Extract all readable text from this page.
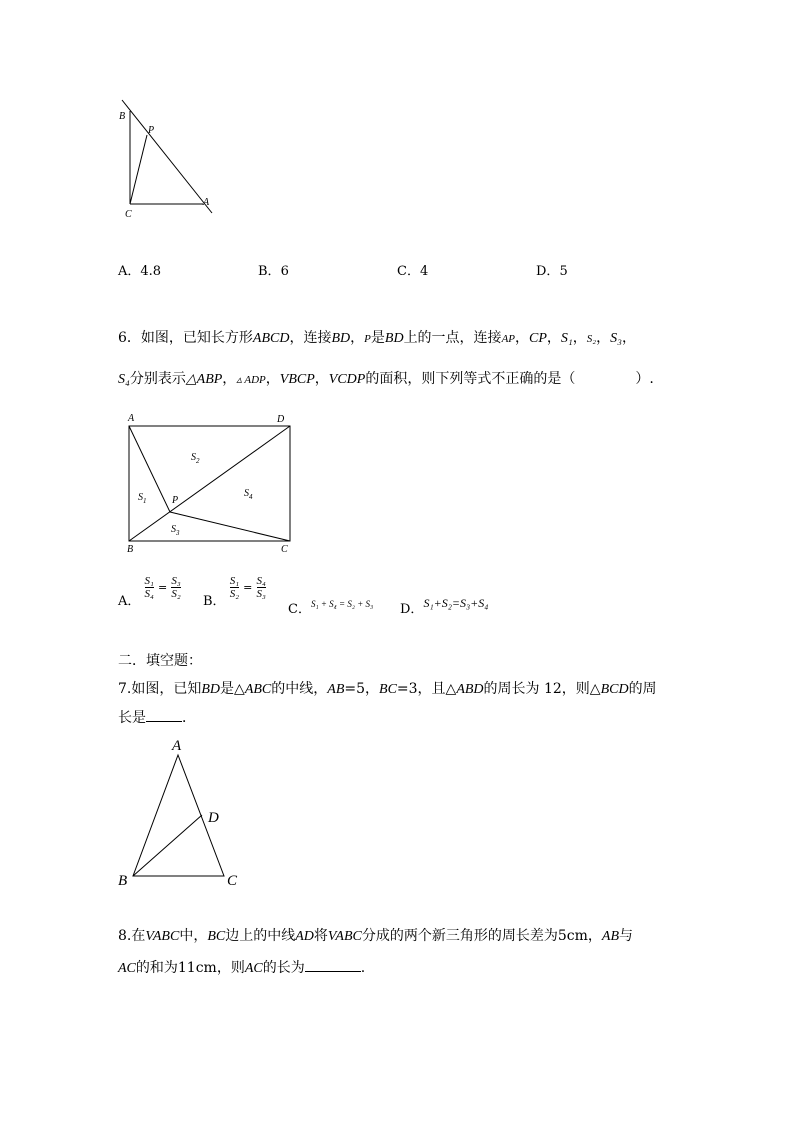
B
P
C
A
A．4.8	B．6	C．4	D．5
6．如图，已知长方形ABCD，连接BD，P是BD上的一点，连接AP，CP，S₁，S₂，S₃，
S₄分别表示△ABP，▵ ADP，VBCP，VCDP的面积，则下列等式不正确的是（	）.
A	D
B	C
P
$S_1$
$S_2$
$S_3$
$S_4$
A．
$\frac{\text{S₁}}{\text{S₄}} = \frac{\text{S₃}}{\text{S₂}}$
B．
$\frac{\text{S₁}}{\text{S₂}} = \frac{\text{S₄}}{\text{S₃}}$
C．$^{S_1 + S_4 = S_2 + S_3}$ D．S₁+S₂=S₃+S₄
二．填空题：
7.如图，已知BD是△ABC的中线，AB=5，BC=3，且△ABD的周长为 12，则△BCD的周
长是	．
A
D
B	C
8.在VABC中，BC边上的中线AD将VABC分成的两个新三角形的周长差为5cm，AB与
AC的和为11cm，则AC的长为	.
